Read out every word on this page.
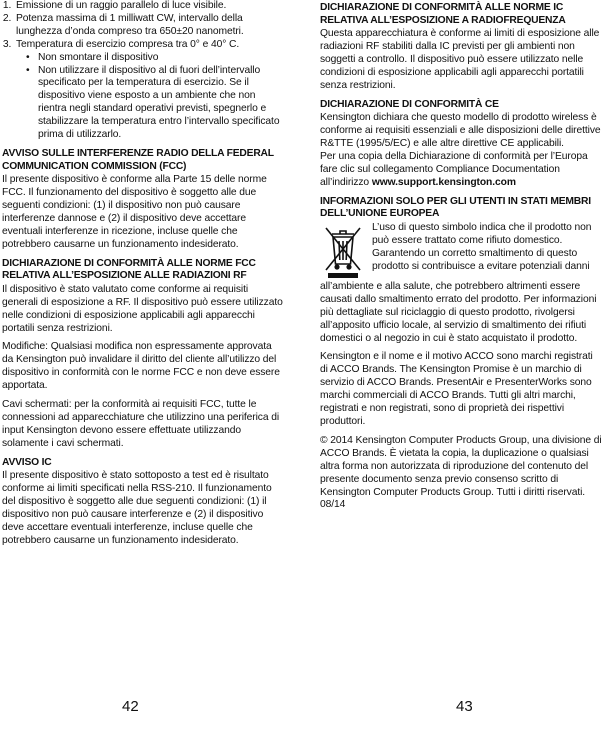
1. Emissione di un raggio parallelo di luce visibile.
2. Potenza massima di 1 milliwatt CW, intervallo della lunghezza d’onda compreso tra 650±20 nanometri.
3. Temperatura di esercizio compresa tra 0° e 40° C.
• Non smontare il dispositivo
• Non utilizzare il dispositivo al di fuori dell’intervallo specificato per la temperatura di esercizio. Se il dispositivo viene esposto a un ambiente che non rientra negli standard operativi previsti, spegnerlo e stabilizzare la temperatura entro l’intervallo specificato prima di utilizzarlo.
AVVISO SULLE INTERFERENZE RADIO DELLA FEDERAL COMMUNICATION COMMISSION (FCC)

Il presente dispositivo è conforme alla Parte 15 delle norme FCC. Il funzionamento del dispositivo è soggetto alle due seguenti condizioni: (1) il dispositivo non può causare interferenze dannose e (2) il dispositivo deve accettare eventuali interferenze in ricezione, incluse quelle che potrebbero causarne un funzionamento indesiderato.

DICHIARAZIONE DI CONFORMITÀ ALLE NORME FCC RELATIVA ALL’ESPOSIZIONE ALLE RADIAZIONI RF

Il dispositivo è stato valutato come conforme ai requisiti generali di esposizione a RF. Il dispositivo può essere utilizzato nelle condizioni di esposizione applicabili agli apparecchi portatili senza restrizioni.

Modifiche: Qualsiasi modifica non espressamente approvata da Kensington può invalidare il diritto del cliente all’utilizzo del dispositivo in conformità con le norme FCC e non deve essere apportata.

Cavi schermati: per la conformità ai requisiti FCC, tutte le connessioni ad apparecchiature che utilizzino una periferica di input Kensington devono essere effettuate utilizzando solamente i cavi schermati.

AVVISO IC

Il presente dispositivo è stato sottoposto a test ed è risultato conforme ai limiti specificati nella RSS-210. Il funzionamento del dispositivo è soggetto alle due seguenti condizioni: (1) il dispositivo non può causare interferenze e (2) il dispositivo deve accettare eventuali interferenze, incluse quelle che potrebbero causarne un funzionamento indesiderato.

DICHIARAZIONE DI CONFORMITÀ ALLE NORME IC RELATIVA ALL’ESPOSIZIONE A RADIOFREQUENZA

Questa apparecchiatura è conforme ai limiti di esposizione alle radiazioni RF stabiliti dalla IC previsti per gli ambienti non soggetti a controllo. Il dispositivo può essere utilizzato nelle condizioni di esposizione applicabili agli apparecchi portatili senza restrizioni.

DICHIARAZIONE DI CONFORMITÀ CE

Kensington dichiara che questo modello di prodotto wireless è conforme ai requisiti essenziali e alle disposizioni delle direttive R&TTE (1995/5/EC) e alle altre direttive CE applicabili.

Per una copia della Dichiarazione di conformità per l’Europa fare clic sul collegamento Compliance Documentation all’indirizzo www.support.kensington.com

INFORMAZIONI SOLO PER GLI UTENTI IN STATI MEMBRI DELL’UNIONE EUROPEA

L’uso di questo simbolo indica che il prodotto non può essere trattato come rifiuto domestico. Garantendo un corretto smaltimento di questo prodotto si contribuisce a evitare potenziali danni

all’ambiente e alla salute, che potrebbero altrimenti essere causati dallo smaltimento errato del prodotto. Per informazioni più dettagliate sul riciclaggio di questo prodotto, rivolgersi all’apposito ufficio locale, al servizio di smaltimento dei rifiuti domestici o al negozio in cui è stato acquistato il prodotto.

Kensington e il nome e il motivo ACCO sono marchi registrati di ACCO Brands. The Kensington Promise è un marchio di servizio di ACCO Brands. PresentAir e PresenterWorks sono marchi commerciali di ACCO Brands. Tutti gli altri marchi, registrati e non registrati, sono di proprietà dei rispettivi produttori.

© 2014 Kensington Computer Products Group, una divisione di ACCO Brands. È vietata la copia, la duplicazione o qualsiasi altra forma non autorizzata di riproduzione del contenuto del presente documento senza previo consenso scritto di Kensington Computer Products Group. Tutti i diritti riservati. 08/14

42	43
